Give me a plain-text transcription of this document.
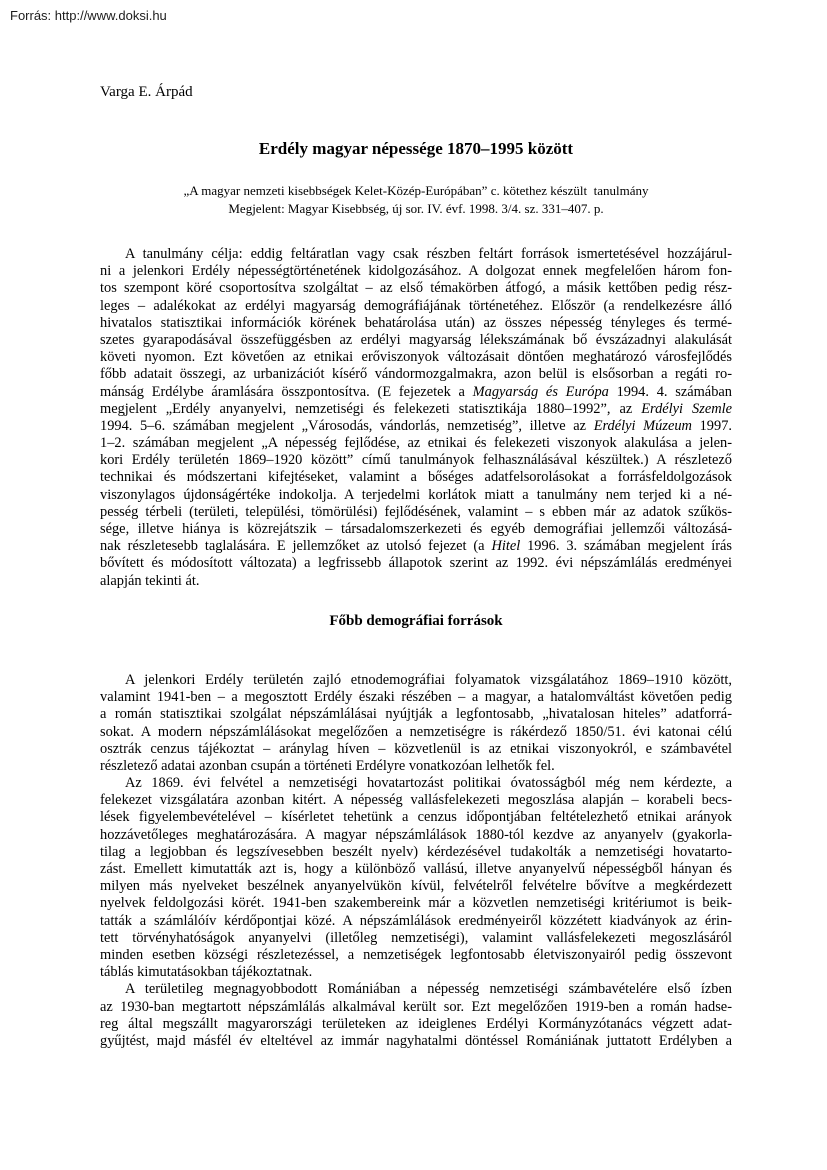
Forrás: http://www.doksi.hu
Varga E. Árpád
Erdély magyar népessége 1870–1995 között
„A magyar nemzeti kisebbségek Kelet-Közép-Európában” c. kötethez készült  tanulmány
Megjelent: Magyar Kisebbség, új sor. IV. évf. 1998. 3/4. sz. 331–407. p.
A tanulmány célja: eddig feltáratlan vagy csak részben feltárt források ismertetésével hozzájárul-
ni a jelenkori Erdély népességtörténetének kidolgozásához. A dolgozat ennek megfelelően három fon-
tos szempont köré csoportosítva szolgáltat – az első témakörben átfogó, a másik kettőben pedig rész-
leges – adalékokat az erdélyi magyarság demográfiájának történetéhez. Először (a rendelkezésre álló
hivatalos statisztikai információk körének behatárolása után) az összes népesség tényleges és termé-
szetes gyarapodásával összefüggésben az erdélyi magyarság lélekszámának bő évszázadnyi alakulását
követi nyomon. Ezt követően az etnikai erőviszonyok változásait döntően meghatározó városfejlődés
főbb adatait összegi, az urbanizációt kísérő vándormozgalmakra, azon belül is elsősorban a regáti ro-
mánság Erdélybe áramlására összpontosítva. (E fejezetek a Magyarság és Európa 1994. 4. számában
megjelent „Erdély anyanyelvi, nemzetiségi és felekezeti statisztikája 1880–1992”, az Erdélyi Szemle
1994. 5–6. számában megjelent „Városodás, vándorlás, nemzetiség”, illetve az Erdélyi Múzeum 1997.
1–2. számában megjelent „A népesség fejlődése, az etnikai és felekezeti viszonyok alakulása a jelen-
kori Erdély területén 1869–1920 között” című tanulmányok felhasználásával készültek.) A részletező
technikai és módszertani kifejtéseket, valamint a bőséges adatfelsorolásokat a forrásfeldolgozások
viszonylagos újdonságértéke indokolja. A terjedelmi korlátok miatt a tanulmány nem terjed ki a né-
pesség térbeli (területi, települési, tömörülési) fejlődésének, valamint – s ebben már az adatok szűkös-
sége, illetve hiánya is közrejátszik – társadalomszerkezeti és egyéb demográfiai jellemzői változásá-
nak részletesebb taglalására. E jellemzőket az utolsó fejezet (a Hitel 1996. 3. számában megjelent írás
bővített és módosított változata) a legfrissebb állapotok szerint az 1992. évi népszámlálás eredményei
alapján tekinti át.
Főbb demográfiai források
A jelenkori Erdély területén zajló etnodemográfiai folyamatok vizsgálatához 1869–1910 között,
valamint 1941-ben – a megosztott Erdély északi részében – a magyar, a hatalomváltást követően pedig
a román statisztikai szolgálat népszámlálásai nyújtják a legfontosabb, „hivatalosan hiteles” adatforrá-
sokat. A modern népszámlálásokat megelőzően a nemzetiségre is rákérdező 1850/51. évi katonai célú
osztrák cenzus tájékoztat – aránylag híven – közvetlenül is az etnikai viszonyokról, e számbavétel
részletező adatai azonban csupán a történeti Erdélyre vonatkozóan lelhetők fel.
Az 1869. évi felvétel a nemzetiségi hovatartozást politikai óvatosságból még nem kérdezte, a
felekezet vizsgálatára azonban kitért. A népesség vallásfelekezeti megoszlása alapján – korabeli becs-
lések figyelembevételével – kísérletet tehetünk a cenzus időpontjában feltételezhető etnikai arányok
hozzávetőleges meghatározására. A magyar népszámlálások 1880-tól kezdve az anyanyelv (gyakorla-
tilag a legjobban és legszívesebben beszélt nyelv) kérdezésével tudakolták a nemzetiségi hovatarto-
zást. Emellett kimutatták azt is, hogy a különböző vallású, illetve anyanyelvű népességből hányan és
milyen más nyelveket beszélnek anyanyelvükön kívül, felvételről felvételre bővítve a megkérdezett
nyelvek feldolgozási körét. 1941-ben szakembereink már a közvetlen nemzetiségi kritériumot is beik-
tatták a számlálóív kérdőpontjai közé. A népszámlálások eredményeiről közzétett kiadványok az érin-
tett törvényhatóságok anyanyelvi (illetőleg nemzetiségi), valamint vallásfelekezeti megoszlásáról
minden esetben községi részletezéssel, a nemzetiségek legfontosabb életviszonyairól pedig összevont
táblás kimutatásokban tájékoztatnak.
A területileg megnagyobbodott Romániában a népesség nemzetiségi számbavételére első ízben
az 1930-ban megtartott népszámlálás alkalmával került sor. Ezt megelőzően 1919-ben a román hadse-
reg által megszállt magyarországi területeken az ideiglenes Erdélyi Kormányzótanács végzett adat-
gyűjtést, majd másfél év elteltével az immár nagyhatalmi döntéssel Romániának juttatott Erdélyben a
